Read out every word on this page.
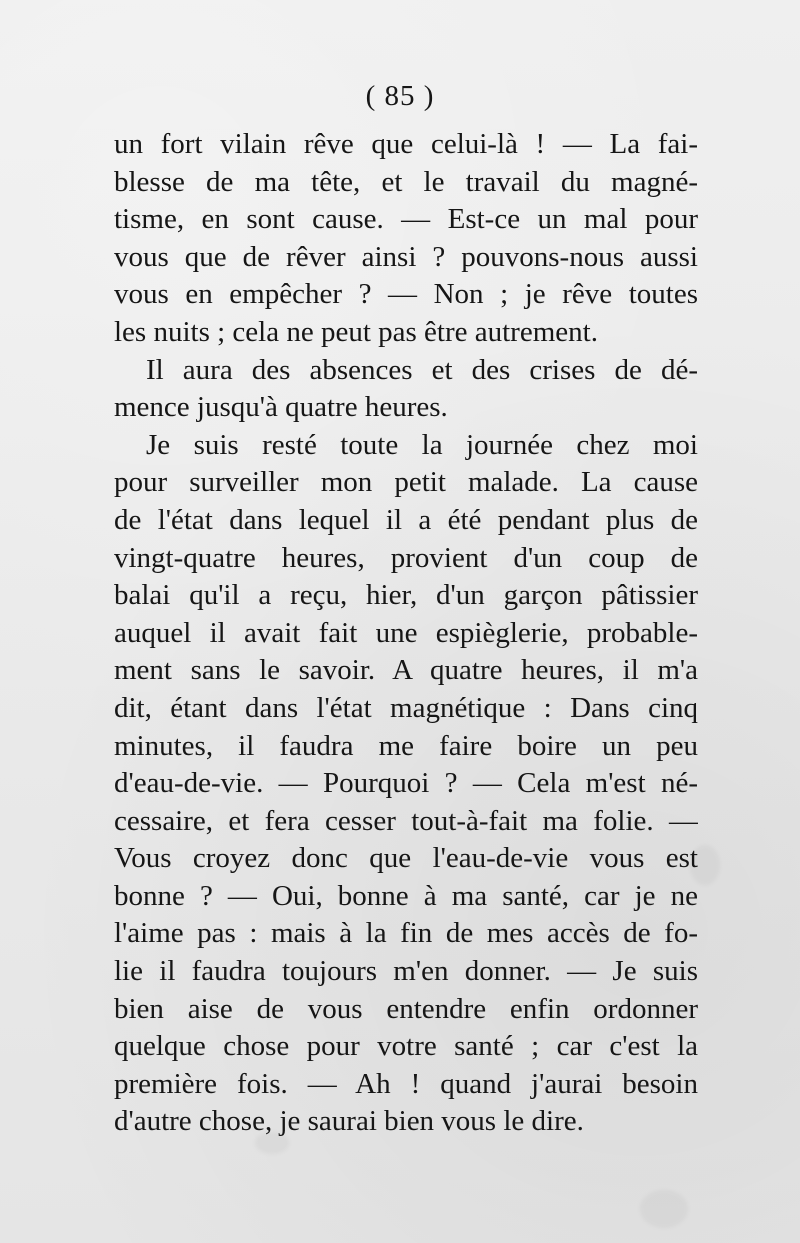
( 85 )
un fort vilain rêve que celui-là ! — La fai-
blesse de ma tête, et le travail du magné-
tisme, en sont cause. — Est-ce un mal pour
vous que de rêver ainsi ? pouvons-nous aussi
vous en empêcher ? — Non ; je rêve toutes
les nuits ; cela ne peut pas être autrement.
Il aura des absences et des crises de dé-
mence jusqu'à quatre heures.
Je suis resté toute la journée chez moi
pour surveiller mon petit malade. La cause
de l'état dans lequel il a été pendant plus de
vingt-quatre heures, provient d'un coup de
balai qu'il a reçu, hier, d'un garçon pâtissier
auquel il avait fait une espièglerie, probable-
ment sans le savoir. A quatre heures, il m'a
dit, étant dans l'état magnétique : Dans cinq
minutes, il faudra me faire boire un peu
d'eau-de-vie. — Pourquoi ? — Cela m'est né-
cessaire, et fera cesser tout-à-fait ma folie. —
Vous croyez donc que l'eau-de-vie vous est
bonne ? — Oui, bonne à ma santé, car je ne
l'aime pas : mais à la fin de mes accès de fo-
lie il faudra toujours m'en donner. — Je suis
bien aise de vous entendre enfin ordonner
quelque chose pour votre santé ; car c'est la
première fois. — Ah ! quand j'aurai besoin
d'autre chose, je saurai bien vous le dire.
